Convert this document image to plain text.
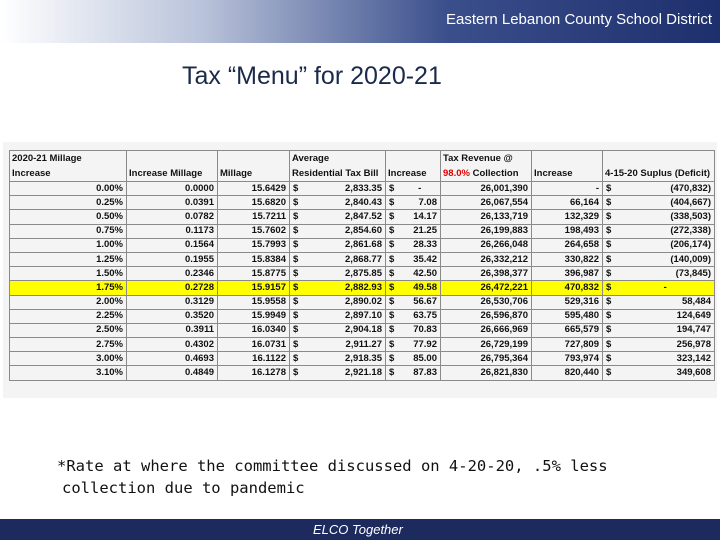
Eastern Lebanon County School District
Tax “Menu” for 2020-21
2020-21 Millage			Average				Tax Revenue @			
Increase	Increase Millage	Millage	Residential Tax Bill		Increase		98.0% Collection	Increase	4-15-20 Suplus (Deficit)	
0.00%	0.0000	15.6429	$	2,833.35	$	-	26,001,390	-	$	(470,832)
0.25%	0.0391	15.6820	$	2,840.43	$	7.08	26,067,554	66,164	$	(404,667)
0.50%	0.0782	15.7211	$	2,847.52	$	14.17	26,133,719	132,329	$	(338,503)
0.75%	0.1173	15.7602	$	2,854.60	$	21.25	26,199,883	198,493	$	(272,338)
1.00%	0.1564	15.7993	$	2,861.68	$	28.33	26,266,048	264,658	$	(206,174)
1.25%	0.1955	15.8384	$	2,868.77	$	35.42	26,332,212	330,822	$	(140,009)
1.50%	0.2346	15.8775	$	2,875.85	$	42.50	26,398,377	396,987	$	(73,845)
1.75%	0.2728	15.9157	$	2,882.93	$	49.58	26,472,221	470,832	$	-
2.00%	0.3129	15.9558	$	2,890.02	$	56.67	26,530,706	529,316	$	58,484
2.25%	0.3520	15.9949	$	2,897.10	$	63.75	26,596,870	595,480	$	124,649
2.50%	0.3911	16.0340	$	2,904.18	$	70.83	26,666,969	665,579	$	194,747
2.75%	0.4302	16.0731	$	2,911.27	$	77.92	26,729,199	727,809	$	256,978
3.00%	0.4693	16.1122	$	2,918.35	$	85.00	26,795,364	793,974	$	323,142
3.10%	0.4849	16.1278	$	2,921.18	$	87.83	26,821,830	820,440	$	349,608
*Rate at where the committee discussed on 4-20-20, .5% less
collection due to pandemic
ELCO Together
